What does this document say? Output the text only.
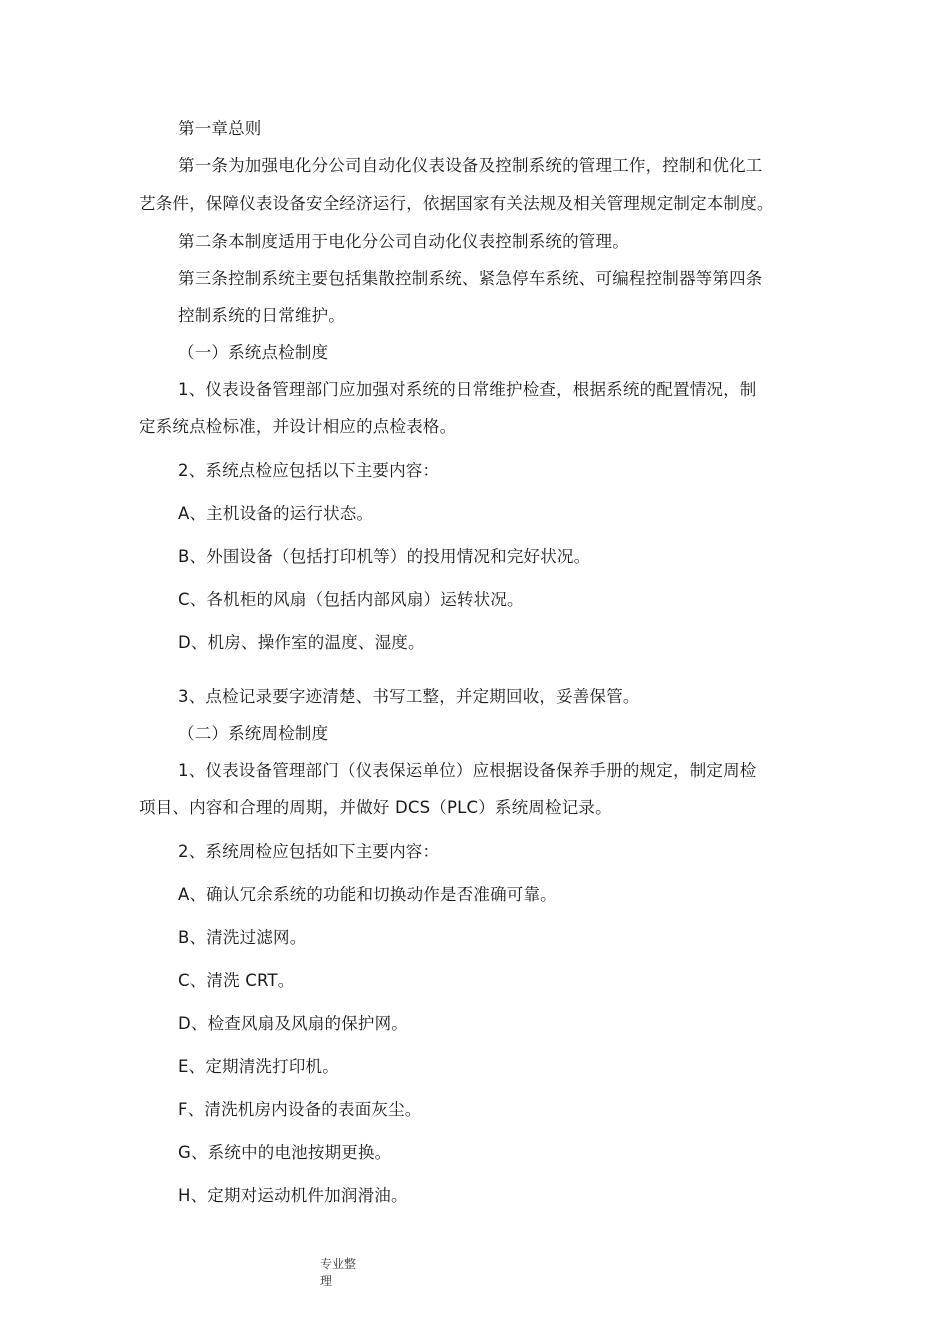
第一章总则
第一条为加强电化分公司自动化仪表设备及控制系统的管理工作，控制和优化工
艺条件，保障仪表设备安全经济运行，依据国家有关法规及相关管理规定制定本制度。
第二条本制度适用于电化分公司自动化仪表控制系统的管理。
第三条控制系统主要包括集散控制系统、紧急停车系统、可编程控制器等第四条
控制系统的日常维护。
（一）系统点检制度
1、仪表设备管理部门应加强对系统的日常维护检查，根据系统的配置情况，制
定系统点检标准，并设计相应的点检表格。
2、系统点检应包括以下主要内容：
A、主机设备的运行状态。
B、外围设备（包括打印机等）的投用情况和完好状况。
C、各机柜的风扇（包括内部风扇）运转状况。
D、机房、操作室的温度、湿度。
3、点检记录要字迹清楚、书写工整，并定期回收，妥善保管。
（二）系统周检制度
1、仪表设备管理部门（仪表保运单位）应根据设备保养手册的规定，制定周检
项目、内容和合理的周期，并做好 DCS（PLC）系统周检记录。
2、系统周检应包括如下主要内容：
A、确认冗余系统的功能和切换动作是否准确可靠。
B、清洗过滤网。
C、清洗 CRT。
D、检查风扇及风扇的保护网。
E、定期清洗打印机。
F、清洗机房内设备的表面灰尘。
G、系统中的电池按期更换。
H、定期对运动机件加润滑油。
专业整
理
